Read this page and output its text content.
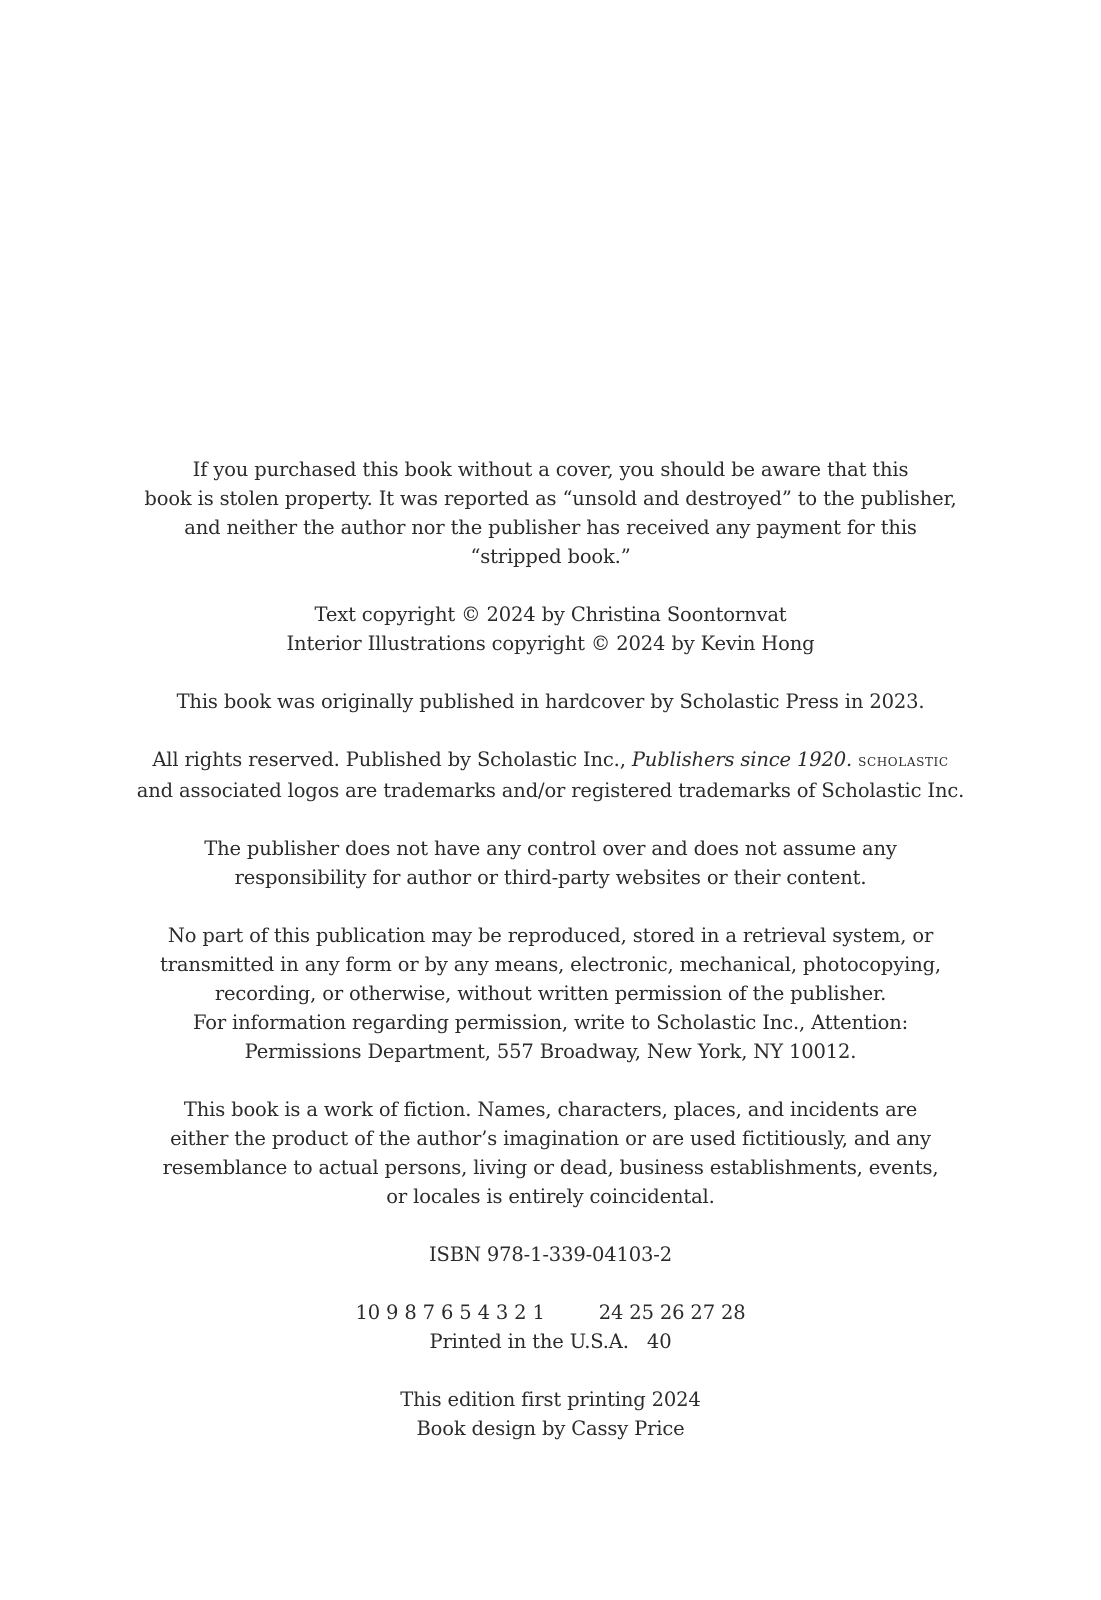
If you purchased this book without a cover, you should be aware that this
book is stolen property. It was reported as “unsold and destroyed” to the publisher,
and neither the author nor the publisher has received any payment for this
“stripped book.”

Text copyright © 2024 by Christina Soontornvat
Interior Illustrations copyright © 2024 by Kevin Hong

This book was originally published in hardcover by Scholastic Press in 2023.

All rights reserved. Published by Scholastic Inc., Publishers since 1920. scholastic
and associated logos are trademarks and/or registered trademarks of Scholastic Inc.

The publisher does not have any control over and does not assume any
responsibility for author or third-party websites or their content.

No part of this publication may be reproduced, stored in a retrieval system, or
transmitted in any form or by any means, electronic, mechanical, photocopying,
recording, or otherwise, without written permission of the publisher.
For information regarding permission, write to Scholastic Inc., Attention:
Permissions Department, 557 Broadway, New York, NY 10012.

This book is a work of fiction. Names, characters, places, and incidents are
either the product of the author’s imagination or are used fictitiously, and any
resemblance to actual persons, living or dead, business establishments, events,
or locales is entirely coincidental.

ISBN 978-1-339-04103-2

10 9 8 7 6 5 4 3 2 1	24 25 26 27 28
Printed in the U.S.A.   40

This edition first printing 2024
Book design by Cassy Price
